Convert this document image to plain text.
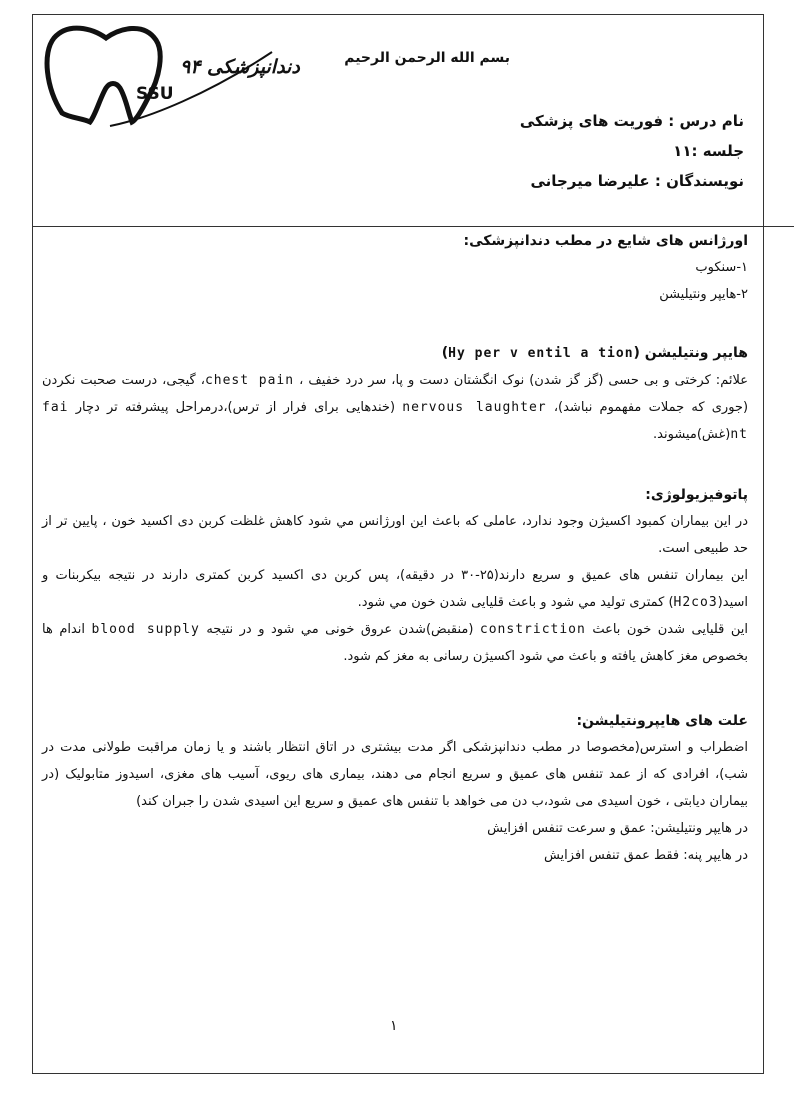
دندانپزشکی ۹۴
SSU
بسم الله الرحمن الرحیم
نام درس : فوریت های پزشکی
جلسه :۱۱
نویسندگان : علیرضا میرجانی

اورژانس های شایع در مطب دندانپزشکی:

۱-سنکوب

۲-هایپر ونتیلیشن

هایپر ونتیلیشن (Hy per v entil a tion)

علائم: کرختی و بی حسی (گز گز شدن) نوک انگشتان دست و پا، سر درد خفیف ، chest pain، گیجی، درست صحبت نکردن (جوری که جملات مفهموم نباشد)، nervous laughter (خندهایی برای فرار از ترس)،درمراحل پیشرفته تر دچار fai nt(غش)میشوند.

پاتوفیزیولوژی:

در این بیماران کمبود اکسیژن وجود ندارد، عاملی که باعث این اورژانس مي شود کاهش غلظت کربن دی اکسید خون ، پایین تر از حد طبیعی است.

این بیماران تنفس های عمیق و سریع دارند(۲۵-۳۰ در دقیقه)، پس کربن دی اکسید کربن کمتری دارند در نتیجه بیکربنات و اسید(H2co3) کمتری تولید مي شود و باعث قلیایی شدن خون مي شود.

این قلیایی شدن خون باعث constriction (منقبض)شدن عروق خونی مي شود و در نتیجه blood supply اندام ها بخصوص مغز کاهش یافته و باعث مي شود اکسیژن رسانی به مغز کم شود.

علت های هایپرونتیلیشن:

اضطراب و استرس(مخصوصا در مطب دندانپزشکی اگر مدت بیشتری در اتاق انتظار باشند و یا زمان مراقبت طولانی مدت در شب)، افرادی که از عمد تنفس های عمیق و سریع انجام می دهند، بیماری های ریوی، آسیب های مغزی، اسیدوز متابولیک (در بیماران دیابتی ، خون اسیدی می شود،ب دن می خواهد با تنفس های عمیق و سریع این اسیدی شدن را جبران کند)

در هایپر ونتیلیشن: عمق و سرعت تنفس افزایش

در هایپر پنه: فقط عمق تنفس افزایش

۱
